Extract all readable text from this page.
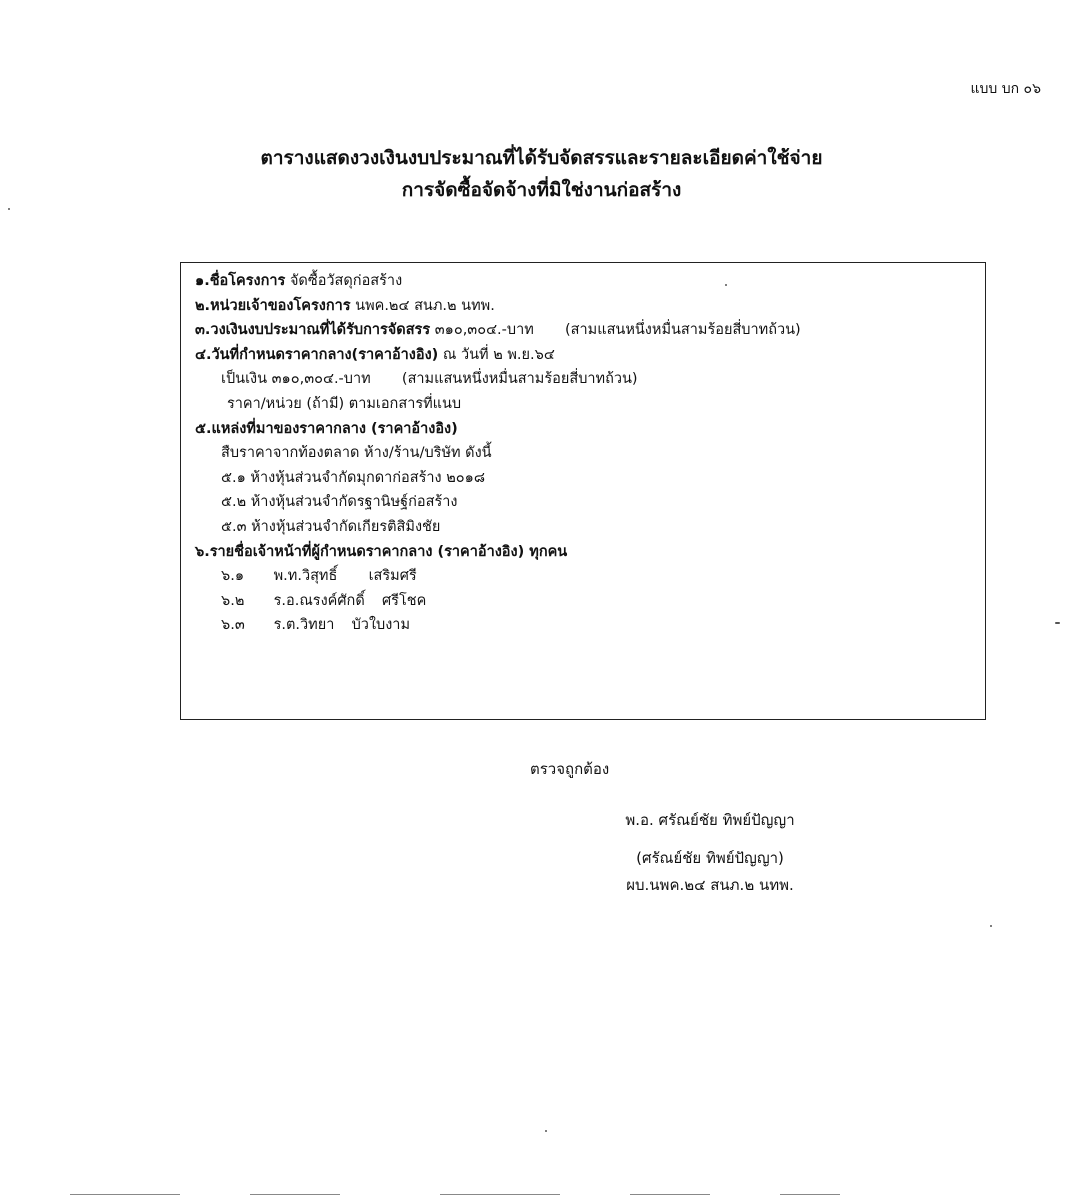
แบบ บก ๐๖
ตารางแสดงวงเงินงบประมาณที่ได้รับจัดสรรและรายละเอียดค่าใช้จ่าย
การจัดซื้อจัดจ้างที่มิใช่งานก่อสร้าง
๑.ชื่อโครงการ จัดซื้อวัสดุก่อสร้าง
๒.หน่วยเจ้าของโครงการ นพค.๒๔ สนภ.๒ นทพ.
๓.วงเงินงบประมาณที่ได้รับการจัดสรร ๓๑๐,๓๐๔.-บาท (สามแสนหนึ่งหมื่นสามร้อยสี่บาทถ้วน)
๔.วันที่กำหนดราคากลาง(ราคาอ้างอิง) ณ วันที่ ๒ พ.ย.๖๔
เป็นเงิน ๓๑๐,๓๐๔.-บาท (สามแสนหนึ่งหมื่นสามร้อยสี่บาทถ้วน)
ราคา/หน่วย (ถ้ามี) ตามเอกสารที่แนบ
๕.แหล่งที่มาของราคากลาง (ราคาอ้างอิง)
สืบราคาจากท้องตลาด ห้าง/ร้าน/บริษัท ดังนี้
๕.๑ ห้างหุ้นส่วนจำกัดมุกดาก่อสร้าง ๒๐๑๘
๕.๒ ห้างหุ้นส่วนจำกัดรฐานิษฐ์ก่อสร้าง
๕.๓ ห้างหุ้นส่วนจำกัดเกียรติสิมิงชัย
๖.รายชื่อเจ้าหน้าที่ผู้กำหนดราคากลาง (ราคาอ้างอิง) ทุกคน
๖.๑ พ.ท.วิสุทธิ์ เสริมศรี
๖.๒ ร.อ.ณรงค์ศักดิ์ ศรีโชค
๖.๓ ร.ต.วิทยา บัวใบงาม
ตรวจถูกต้อง
พ.อ. ศรัณย์ชัย ทิพย์ปัญญา
(ศรัณย์ชัย ทิพย์ปัญญา)
ผบ.นพค.๒๔ สนภ.๒ นทพ.
